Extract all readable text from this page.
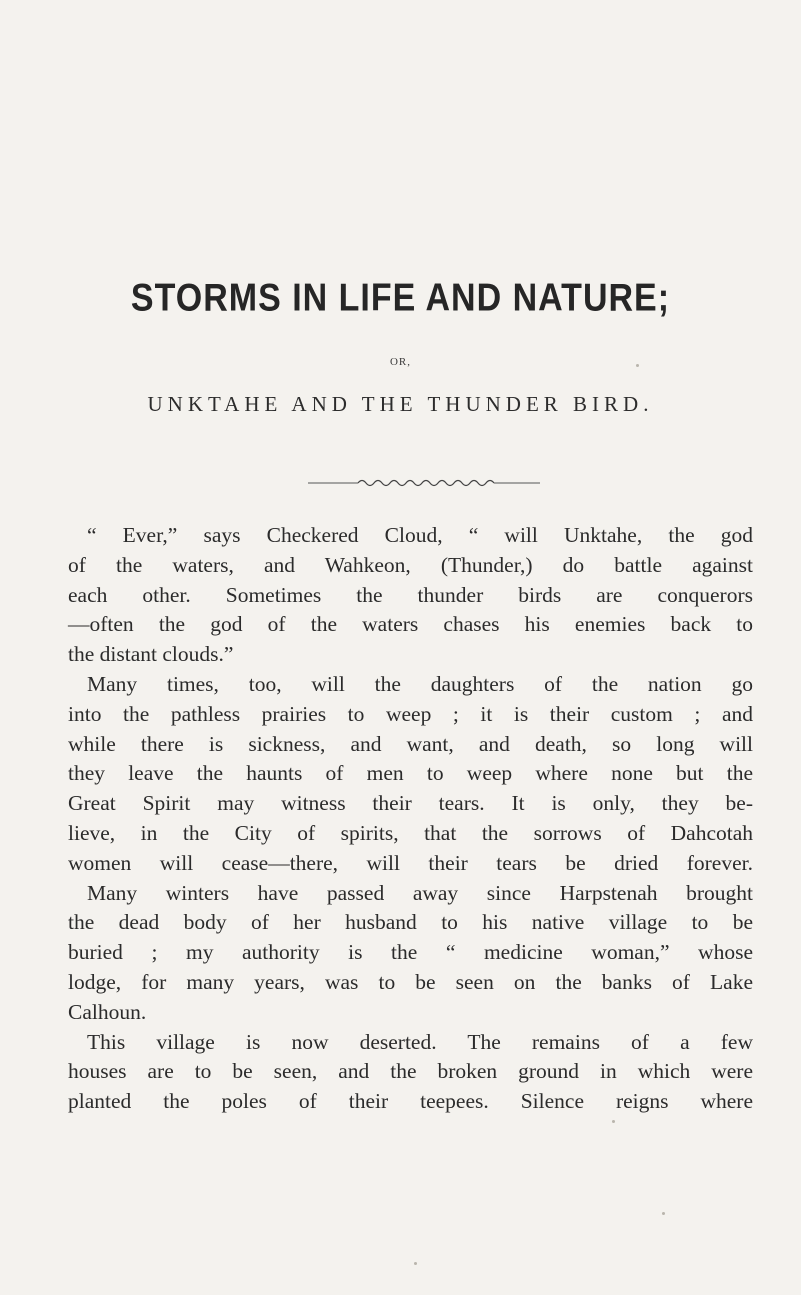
STORMS IN LIFE AND NATURE;
OR,
UNKTAHE AND THE THUNDER BIRD.
“ Ever,” says Checkered Cloud, “ will Unktahe, the god
of the waters, and Wahkeon, (Thunder,) do battle against
each other. Sometimes the thunder birds are conquerors
—often the god of the waters chases his enemies back to
the distant clouds.”
Many times, too, will the daughters of the nation go
into the pathless prairies to weep ; it is their custom ; and
while there is sickness, and want, and death, so long will
they leave the haunts of men to weep where none but the
Great Spirit may witness their tears. It is only, they be-
lieve, in the City of spirits, that the sorrows of Dahcotah
women will cease—there, will their tears be dried forever.
Many winters have passed away since Harpstenah brought
the dead body of her husband to his native village to be
buried ; my authority is the “ medicine woman,” whose
lodge, for many years, was to be seen on the banks of Lake
Calhoun.
This village is now deserted. The remains of a few
houses are to be seen, and the broken ground in which were
planted the poles of their teepees. Silence reigns where
